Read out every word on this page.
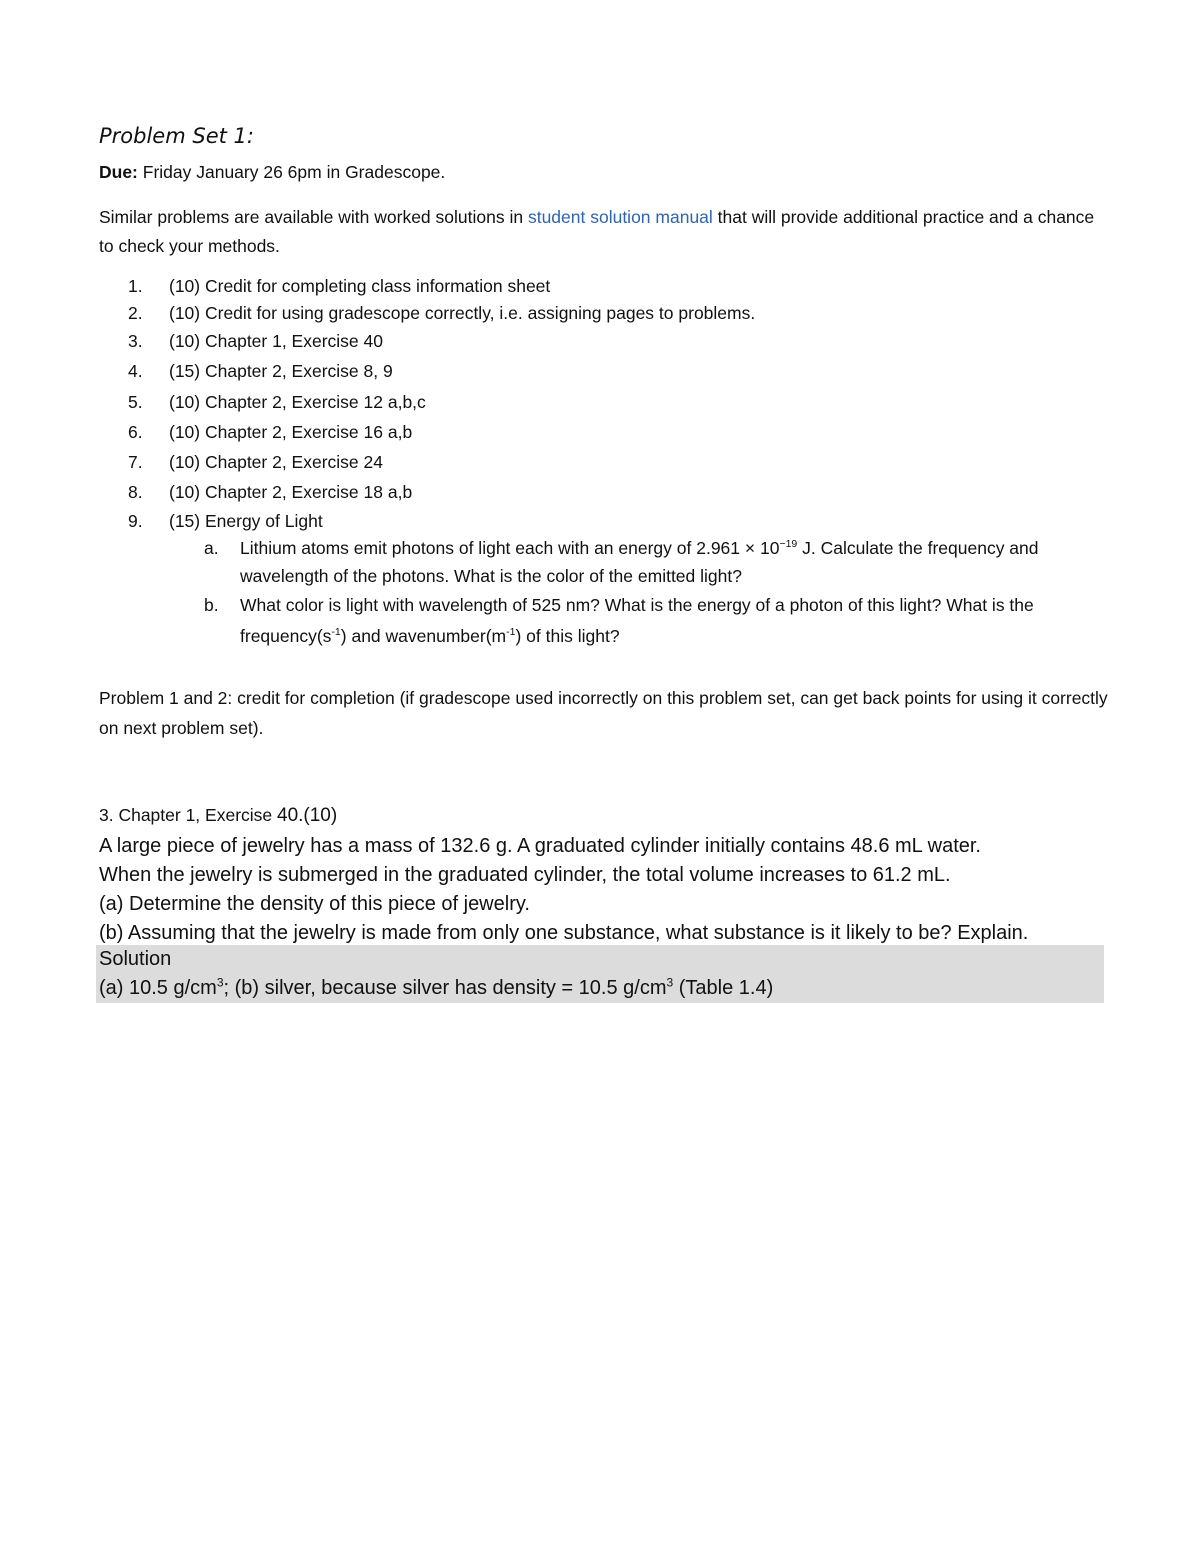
Problem Set 1:
Due: Friday January 26 6pm in Gradescope.
Similar problems are available with worked solutions in student solution manual that will provide additional practice and a chance to check your methods.
1. (10) Credit for completing class information sheet
2. (10) Credit for using gradescope correctly, i.e. assigning pages to problems.
3. (10) Chapter 1, Exercise 40
4. (15) Chapter 2, Exercise 8, 9
5. (10) Chapter 2, Exercise 12 a,b,c
6. (10) Chapter 2, Exercise 16 a,b
7. (10) Chapter 2, Exercise 24
8. (10) Chapter 2, Exercise 18 a,b
9. (15) Energy of Light
a. Lithium atoms emit photons of light each with an energy of $2.961 \times 10^{-19}$ J. Calculate the frequency and wavelength of the photons. What is the color of the emitted light?
b. What color is light with wavelength of 525 nm? What is the energy of a photon of this light? What is the $frequency(s^{-1})$ and $wavenumber(m^{-1})$ of this light?
Problem 1 and 2: credit for completion (if gradescope used incorrectly on this problem set, can get back points for using it correctly on next problem set).
3. Chapter 1, Exercise 40.(10)
A large piece of jewelry has a mass of 132.6 g. A graduated cylinder initially contains 48.6 mL water.
When the jewelry is submerged in the graduated cylinder, the total volume increases to 61.2 mL.
(a) Determine the density of this piece of jewelry.
(b) Assuming that the jewelry is made from only one substance, what substance is it likely to be? Explain.
Solution
(a) 10.5 $g/cm^3$; (b) silver, because silver has density = 10.5 $g/cm^3$ (Table 1.4)
